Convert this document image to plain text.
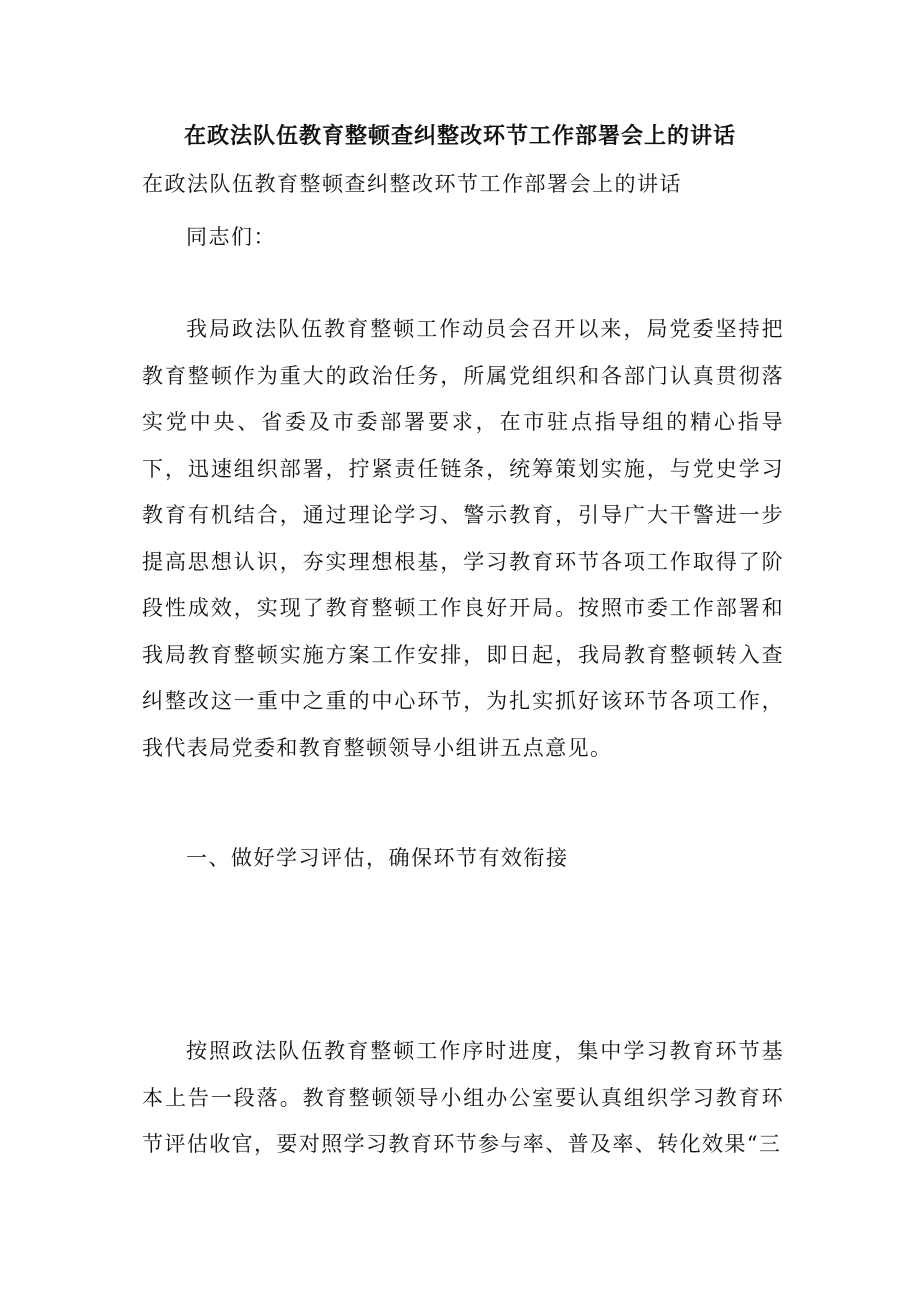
在政法队伍教育整顿查纠整改环节工作部署会上的讲话
在政法队伍教育整顿查纠整改环节工作部署会上的讲话
同志们：

我局政法队伍教育整顿工作动员会召开以来，局党委坚持把教育整顿作为重大的政治任务，所属党组织和各部门认真贯彻落实党中央、省委及市委部署要求，在市驻点指导组的精心指导下，迅速组织部署，拧紧责任链条，统筹策划实施，与党史学习教育有机结合，通过理论学习、警示教育，引导广大干警进一步提高思想认识，夯实理想根基，学习教育环节各项工作取得了阶段性成效，实现了教育整顿工作良好开局。按照市委工作部署和我局教育整顿实施方案工作安排，即日起，我局教育整顿转入查纠整改这一重中之重的中心环节，为扎实抓好该环节各项工作，我代表局党委和教育整顿领导小组讲五点意见。

一、做好学习评估，确保环节有效衔接

按照政法队伍教育整顿工作序时进度，集中学习教育环节基本上告一段落。教育整顿领导小组办公室要认真组织学习教育环节评估收官，要对照学习教育环节参与率、普及率、转化效果“三
